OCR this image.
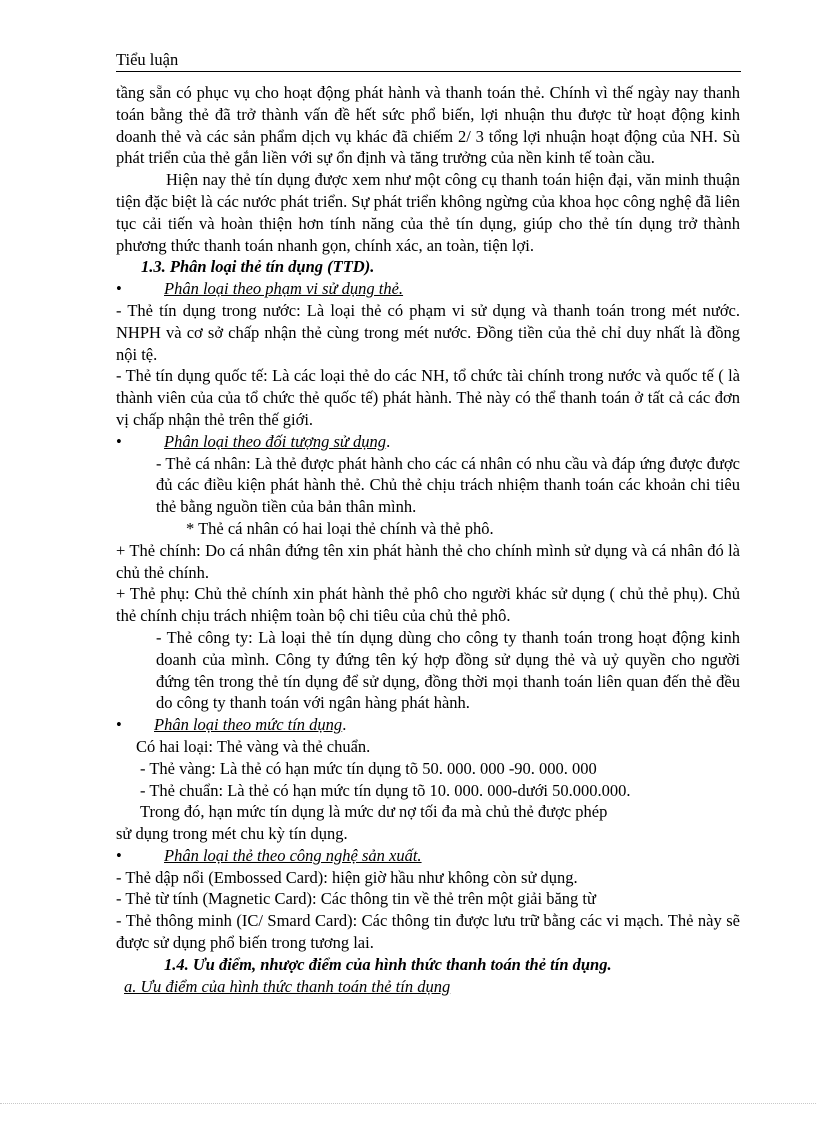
Tiểu luận

tầng sẵn có phục vụ cho hoạt động phát hành và thanh toán thẻ. Chính vì thế ngày nay thanh toán bằng thẻ đã trở thành vấn đề hết sức phổ biến, lợi nhuận thu được từ hoạt động kinh doanh thẻ và các sản phẩm dịch vụ khác đã chiếm 2/ 3 tổng lợi nhuận hoạt động của NH. Sù phát triển của thẻ gắn liền với sự ổn định và tăng trưởng của nền kinh tế toàn cầu.

Hiện nay thẻ tín dụng được xem như một công cụ thanh toán hiện đại, văn minh thuận tiện đặc biệt là các nước phát triển. Sự phát triển không ngừng của khoa học công nghệ đã liên tục cải tiến và hoàn thiện hơn tính năng của thẻ tín dụng, giúp cho thẻ tín dụng trở thành phương thức thanh toán nhanh gọn, chính xác, an toàn, tiện lợi.

1.3. Phân loại thẻ tín dụng (TTD).

•	Phân loại theo phạm vi sử dụng thẻ.

- Thẻ tín dụng trong nước: Là loại thẻ có phạm vi sử dụng và thanh toán trong mét nước. NHPH và cơ sở chấp nhận thẻ cùng trong mét nước. Đồng tiền của thẻ chỉ duy nhất là đồng nội tệ.

- Thẻ tín dụng quốc tế: Là các loại thẻ do các NH, tổ chức tài chính trong nước và quốc tế ( là thành viên của của tổ chức thẻ quốc tế) phát hành. Thẻ này có thể thanh toán ở tất cả các đơn vị chấp nhận thẻ trên thế giới.

•	Phân loại theo đối tượng sử dụng.

- Thẻ cá nhân: Là thẻ được phát hành cho các cá nhân có nhu cầu và đáp ứng được được đủ các điều kiện phát hành thẻ. Chủ thẻ chịu trách nhiệm thanh toán các khoản chi tiêu thẻ bằng nguồn tiền của bản thân mình.

* Thẻ cá nhân có hai loại thẻ chính và thẻ phô.

+ Thẻ chính: Do cá nhân đứng tên xin phát hành thẻ cho chính mình sử dụng và cá nhân đó là chủ thẻ chính.

+ Thẻ phụ: Chủ thẻ chính xin phát hành thẻ phô cho người khác sử dụng ( chủ thẻ phụ). Chủ thẻ chính chịu trách nhiệm toàn bộ chi tiêu của chủ thẻ phô.

- Thẻ công ty: Là loại thẻ tín dụng dùng cho công ty thanh toán trong hoạt động kinh doanh của mình. Công ty đứng tên ký hợp đồng sử dụng thẻ và uỷ quyền cho người đứng tên trong thẻ tín dụng để sử dụng, đồng thời mọi thanh toán liên quan đến thẻ đều do công ty thanh toán với ngân hàng phát hành.

•	Phân loại theo mức tín dụng.

Có hai loại: Thẻ vàng và thẻ chuẩn.

- Thẻ vàng: Là thẻ có hạn mức tín dụng tõ 50. 000. 000 -90. 000. 000

- Thẻ chuẩn: Là thẻ có hạn mức tín dụng tõ 10. 000. 000-dưới 50.000.000.

Trong đó, hạn mức tín dụng là mức dư nợ tối đa mà chủ thẻ được phép

sử dụng trong mét chu kỳ tín dụng.

•	Phân loại thẻ theo công nghệ sản xuất.

- Thẻ dập nổi (Embossed Card): hiện giờ hầu như không còn sử dụng.

- Thẻ từ tính (Magnetic Card): Các thông tin về thẻ trên một giải băng từ

- Thẻ thông minh (IC/ Smard Card): Các thông tin được lưu trữ bằng các vi mạch. Thẻ này sẽ được sử dụng phổ biến trong tương lai.

1.4. Ưu điểm, nhược điểm của hình thức thanh toán thẻ tín dụng.

a. Ưu điểm của hình thức thanh toán thẻ tín dụng
